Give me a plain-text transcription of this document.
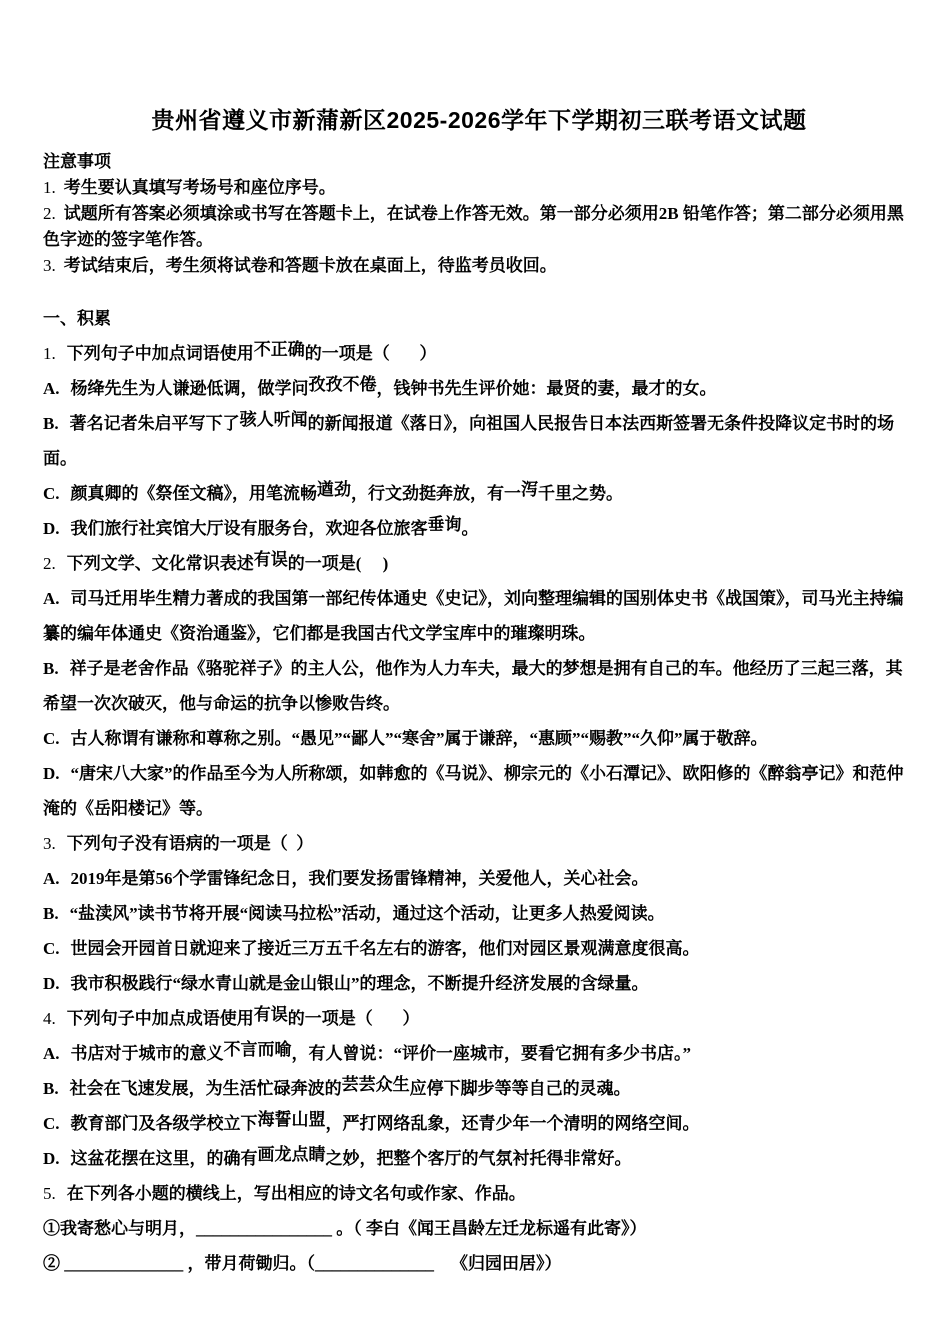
贵州省遵义市新蒲新区2025-2026学年下学期初三联考语文试题

注意事项

1. 考生要认真填写考场号和座位序号。

2. 试题所有答案必须填涂或书写在答题卡上，在试卷上作答无效。第一部分必须用2B 铅笔作答；第二部分必须用黑色字迹的签字笔作答。

3. 考试结束后，考生须将试卷和答题卡放在桌面上，待监考员收回。

一、积累

1. 下列句子中加点词语使用不正确的一项是（       ）

A. 杨绛先生为人谦逊低调，做学问孜孜不倦，钱钟书先生评价她：最贤的妻，最才的女。

B. 著名记者朱启平写下了骇人听闻的新闻报道《落日》，向祖国人民报告日本法西斯签署无条件投降议定书时的场面。

C. 颜真卿的《祭侄文稿》，用笔流畅遒劲，行文劲挺奔放，有一泻千里之势。

D. 我们旅行社宾馆大厅设有服务台，欢迎各位旅客垂询。

2. 下列文学、文化常识表述有误的一项是(     )

A. 司马迁用毕生精力著成的我国第一部纪传体通史《史记》，刘向整理编辑的国别体史书《战国策》，司马光主持编纂的编年体通史《资治通鉴》，它们都是我国古代文学宝库中的璀璨明珠。

B. 祥子是老舍作品《骆驼祥子》的主人公，他作为人力车夫，最大的梦想是拥有自己的车。他经历了三起三落，其希望一次次破灭，他与命运的抗争以惨败告终。

C. 古人称谓有谦称和尊称之别。“愚见”“鄙人”“寒舍”属于谦辞，“惠顾”“赐教”“久仰”属于敬辞。

D. “唐宋八大家”的作品至今为人所称颂，如韩愈的《马说》、柳宗元的《小石潭记》、欧阳修的《醉翁亭记》和范仲淹的《岳阳楼记》等。

3. 下列句子没有语病的一项是（  ）

A. 2019年是第56个学雷锋纪念日，我们要发扬雷锋精神，关爱他人，关心社会。

B. “盐渎风”读书节将开展“阅读马拉松”活动，通过这个活动，让更多人热爱阅读。

C. 世园会开园首日就迎来了接近三万五千名左右的游客，他们对园区景观满意度很高。

D. 我市积极践行“绿水青山就是金山银山”的理念，不断提升经济发展的含绿量。

4. 下列句子中加点成语使用有误的一项是（       ）

A. 书店对于城市的意义不言而喻，有人曾说：“评价一座城市，要看它拥有多少书店。”

B. 社会在飞速发展，为生活忙碌奔波的芸芸众生应停下脚步等等自己的灵魂。

C. 教育部门及各级学校立下海誓山盟，严打网络乱象，还青少年一个清明的网络空间。

D. 这盆花摆在这里，的确有画龙点睛之妙，把整个客厅的气氛衬托得非常好。

5. 在下列各小题的横线上，写出相应的诗文名句或作家、作品。

①我寄愁心与明月，________________ 。（ 李白《闻王昌龄左迁龙标遥有此寄》）

② ______________ ，带月荷锄归。（______________    《归园田居》）
